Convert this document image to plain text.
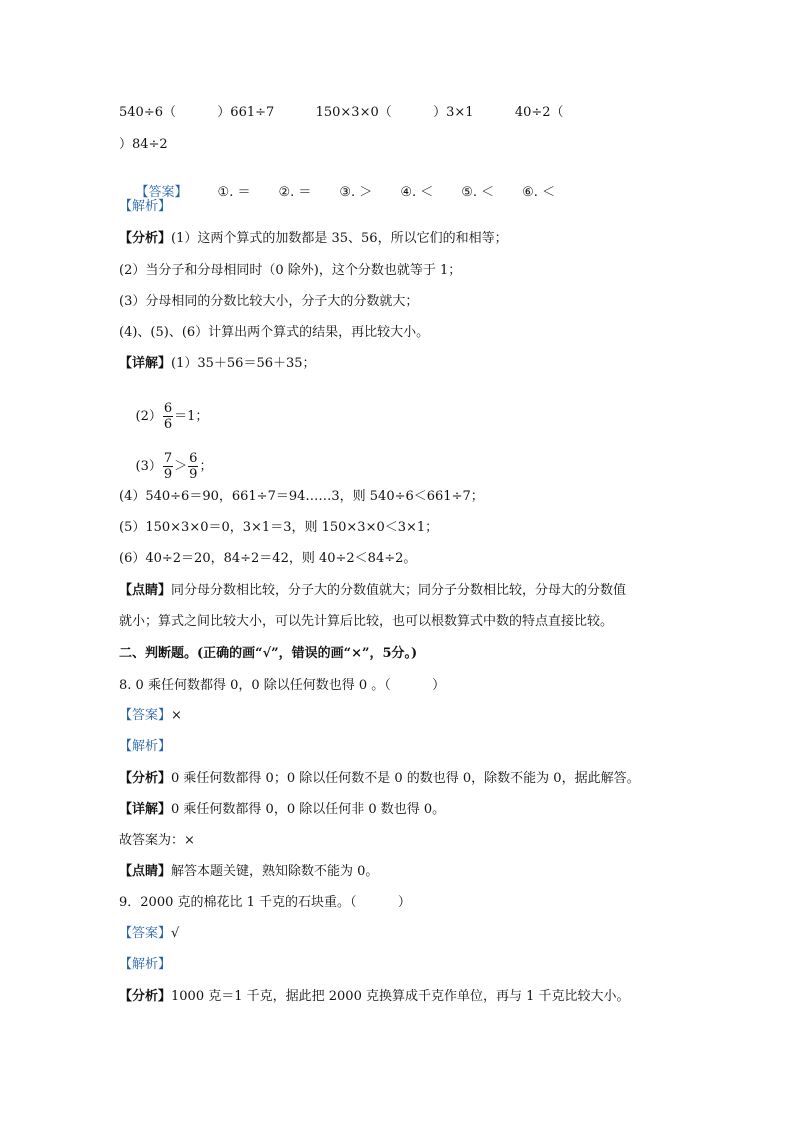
540÷6（          ）661÷7          150×3×0（          ）3×1          40÷2（
）84÷2

【答案】 ①. ＝ ②. ＝ ③. ＞ ④. ＜ ⑤. ＜ ⑥. ＜

【解析】
【分析】(1）这两个算式的加数都是 35、56，所以它们的和相等；
(2）当分子和分母相同时（0 除外)，这个分数也就等于 1；
(3）分母相同的分数比较大小，分子大的分数就大；
(4)、(5)、(6）计算出两个算式的结果，再比较大小。
【详解】(1）35＋56＝56＋35；

$(2) \frac{6}{6} =1$；

$(3) \frac{7}{9} > \frac{6}{9}$ ；

(4）540÷6＝90，661÷7＝94……3，则 540÷6＜661÷7；
(5）150×3×0＝0，3×1＝3，则 150×3×0＜3×1；
(6）40÷2＝20，84÷2＝42，则 40÷2＜84÷2。
【点睛】同分母分数相比较，分子大的分数值就大；同分子分数相比较，分母大的分数值
就小；算式之间比较大小，可以先计算后比较，也可以根数算式中数的特点直接比较。
二、判断题。(正确的画“√”，错误的画“×”，5分。)
8. 0 乘任何数都得 0，0 除以任何数也得 0 。（          ）
【答案】×
【解析】
【分析】0 乘任何数都得 0；0 除以任何数不是 0 的数也得 0，除数不能为 0，据此解答。
【详解】0 乘任何数都得 0，0 除以任何非 0 数也得 0。
故答案为：×
【点睛】解答本题关键，熟知除数不能为 0。
9．2000 克的棉花比 1 千克的石块重。（          ）
【答案】√
【解析】
【分析】1000 克＝1 千克，据此把 2000 克换算成千克作单位，再与 1 千克比较大小。
